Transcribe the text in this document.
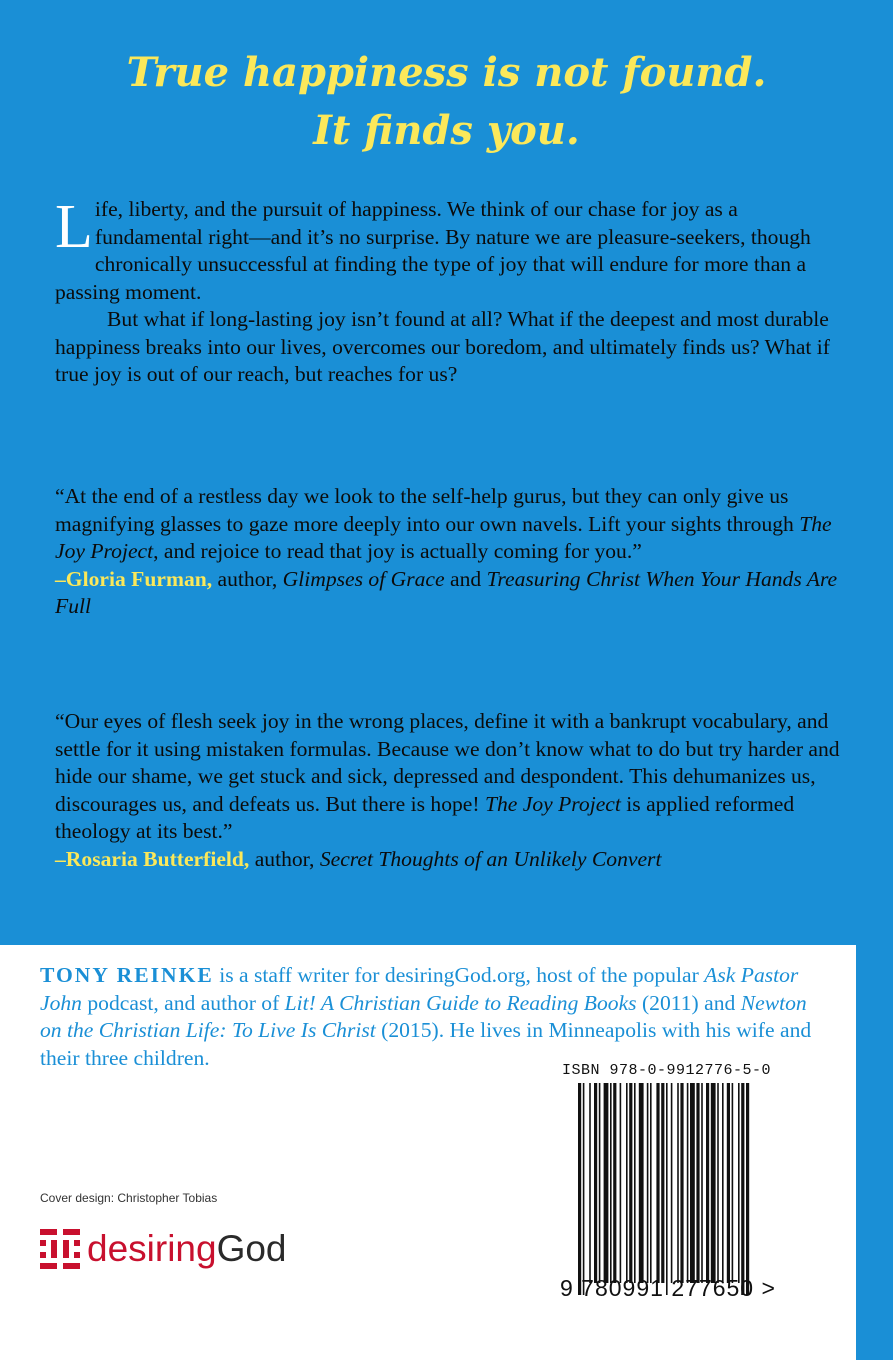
True happiness is not found.
It finds you.

Life, liberty, and the pursuit of happiness. We think of our chase for joy as a fundamental right—and it’s no surprise. By nature we are pleasure-seekers, though chronically unsuccessful at finding the type of joy that will endure for more than a passing moment.

But what if long-lasting joy isn’t found at all? What if the deepest and most durable happiness breaks into our lives, overcomes our boredom, and ultimately finds us? What if true joy is out of our reach, but reaches for us?

“At the end of a restless day we look to the self-help gurus, but they can only give us magnifying glasses to gaze more deeply into our own navels. Lift your sights through The Joy Project, and rejoice to read that joy is actually coming for you.”

–Gloria Furman, author, Glimpses of Grace and Treasuring Christ When Your Hands Are Full

“Our eyes of flesh seek joy in the wrong places, define it with a bankrupt vocabulary, and settle for it using mistaken formulas. Because we don’t know what to do but try harder and hide our shame, we get stuck and sick, depressed and despondent. This dehumanizes us, discourages us, and defeats us. But there is hope! The Joy Project is applied reformed theology at its best.”

–Rosaria Butterfield, author, Secret Thoughts of an Unlikely Convert

TONY REINKE is a staff writer for desiringGod.org, host of the popular Ask Pastor John podcast, and author of Lit! A Christian Guide to Reading Books (2011) and Newton on the Christian Life: To Live Is Christ (2015). He lives in Minneapolis with his wife and their three children.

Cover design: Christopher Tobias
desiringGod
ISBN 978-0-9912776-5-0
9 780991 277650 >
